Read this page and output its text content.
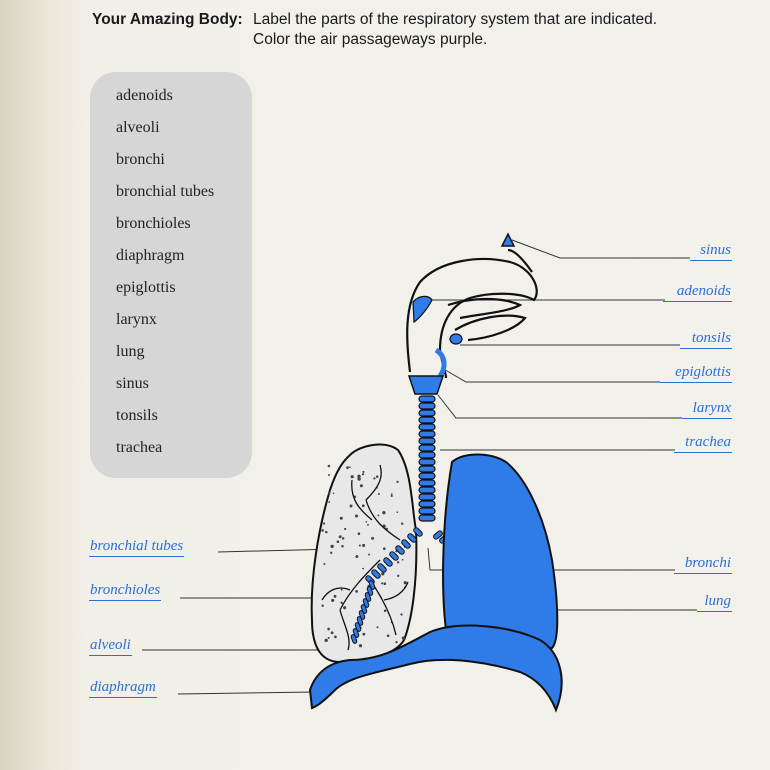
Your Amazing Body: Label the parts of the respiratory system that are indicated.
Color the air passageways purple.
adenoids
alveoli
bronchi
bronchial tubes
bronchioles
diaphragm
epiglottis
larynx
lung
sinus
tonsils
trachea
sinus
adenoids
tonsils
epiglottis
larynx
trachea
bronchi
lung
bronchial tubes
bronchioles
alveoli
diaphragm
